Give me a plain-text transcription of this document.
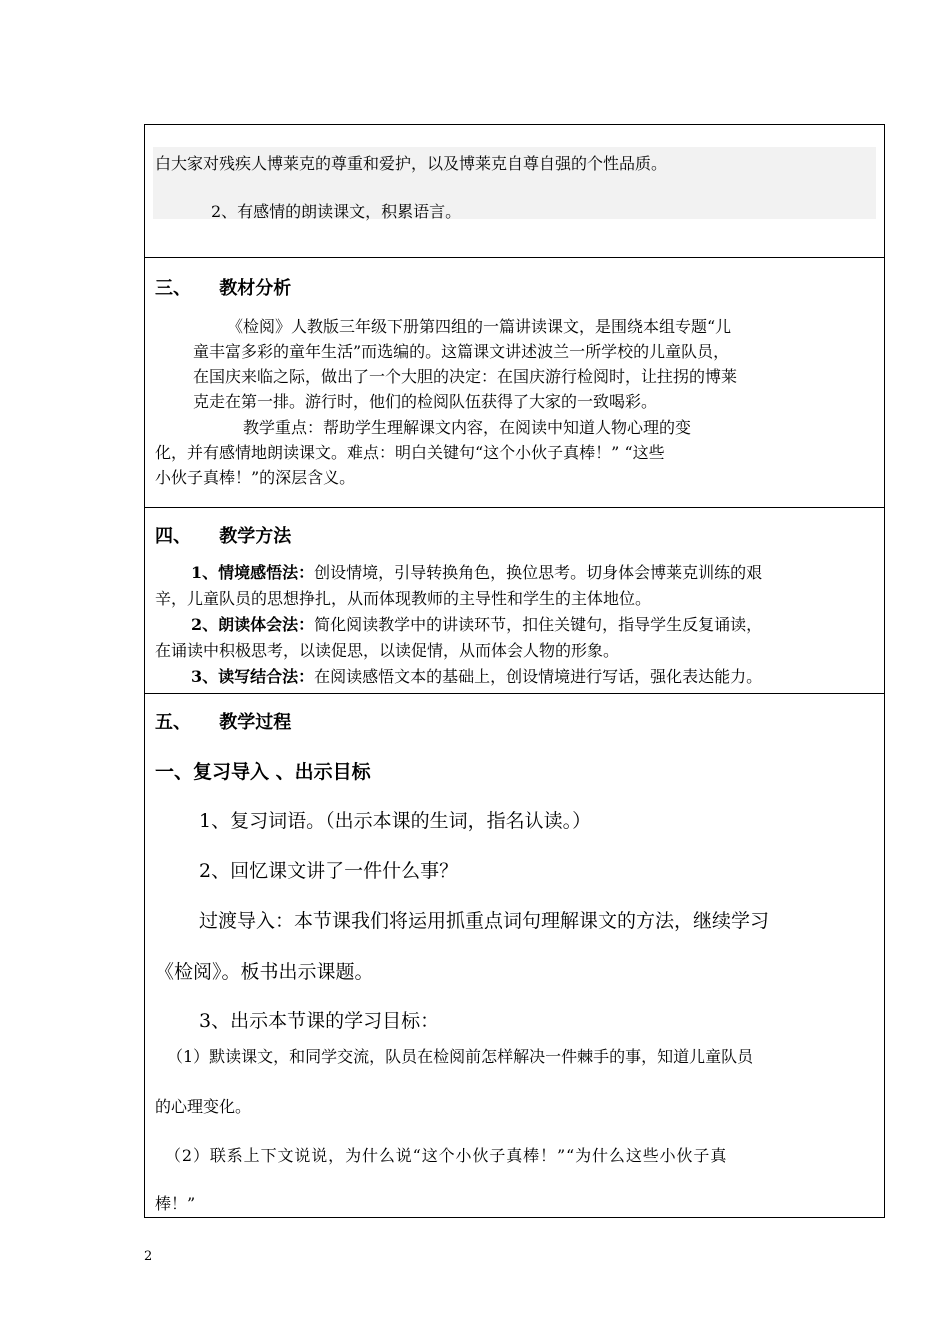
白大家对残疾人博莱克的尊重和爱护，以及博莱克自尊自强的个性品质。
2、有感情的朗读课文，积累语言。
三、 教材分析
《检阅》人教版三年级下册第四组的一篇讲读课文，是围绕本组专题“儿
童丰富多彩的童年生活”而选编的。这篇课文讲述波兰一所学校的儿童队员，
在国庆来临之际，做出了一个大胆的决定：在国庆游行检阅时，让拄拐的博莱
克走在第一排。游行时，他们的检阅队伍获得了大家的一致喝彩。
教学重点：帮助学生理解课文内容，在阅读中知道人物心理的变
化，并有感情地朗读课文。难点：明白关键句“这个小伙子真棒！” “这些
小伙子真棒！”的深层含义。
四、 教学方法
1、情境感悟法：创设情境，引导转换角色，换位思考。切身体会博莱克训练的艰
辛，儿童队员的思想挣扎，从而体现教师的主导性和学生的主体地位。
2、朗读体会法：简化阅读教学中的讲读环节，扣住关键句，指导学生反复诵读，
在诵读中积极思考，以读促思，以读促情，从而体会人物的形象。
3、读写结合法：在阅读感悟文本的基础上，创设情境进行写话，强化表达能力。
五、 教学过程
一、复习导入 、出示目标
1、复习词语。（出示本课的生词，指名认读。）
2、回忆课文讲了一件什么事？
过渡导入：本节课我们将运用抓重点词句理解课文的方法，继续学习
《检阅》。板书出示课题。
3、出示本节课的学习目标：
（1）默读课文，和同学交流，队员在检阅前怎样解决一件棘手的事，知道儿童队员
的心理变化。
（2）联系上下文说说，为什么说“这个小伙子真棒！”“为什么这些小伙子真
棒！”
2
